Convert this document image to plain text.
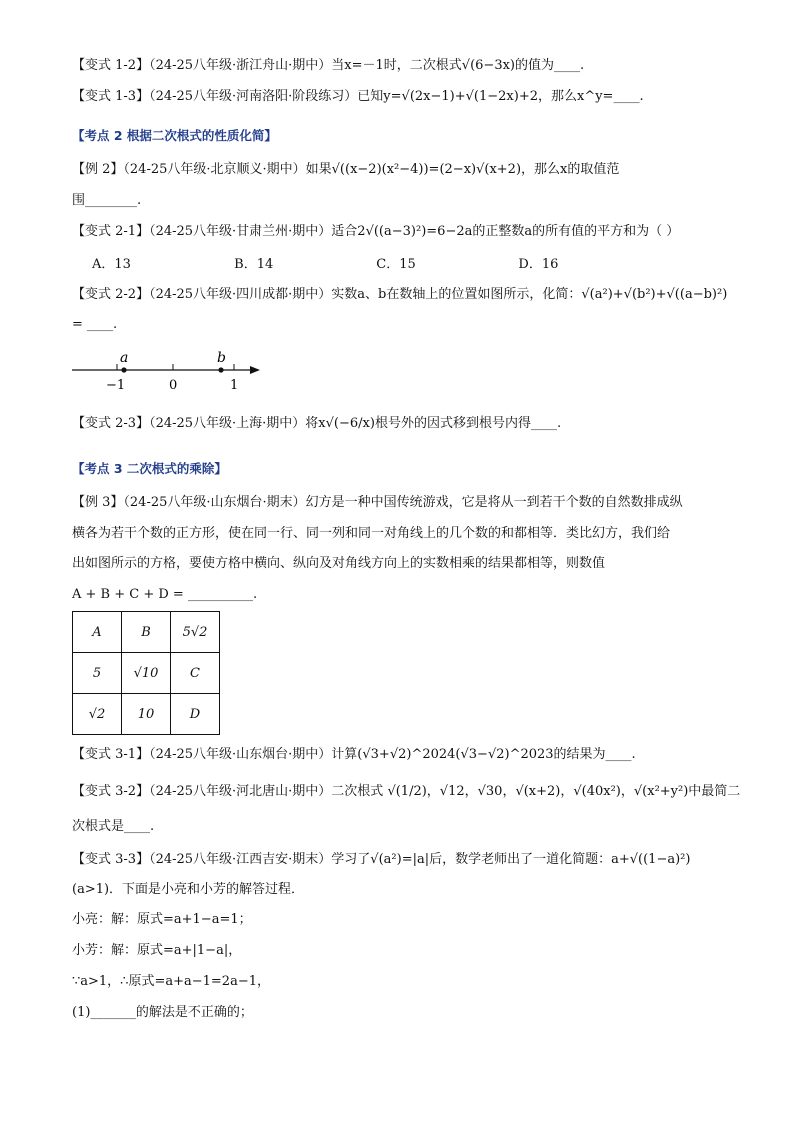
【变式 1-2】（24-25八年级·浙江舟山·期中）当x=－1时，二次根式√(6−3x)的值为____.
【变式 1-3】（24-25八年级·河南洛阳·阶段练习）已知y=√(2x−1)+√(1−2x)+2，那么x^y=____.
【考点 2 根据二次根式的性质化简】
【例 2】（24-25八年级·北京顺义·期中）如果√((x−2)(x²−4))=(2−x)√(x+2)，那么x的取值范
围________.
【变式 2-1】（24-25八年级·甘肃兰州·期中）适合2√((a−3)²)=6−2a的正整数a的所有值的平方和为（ ）
A．13	B．14	C．15	D．16
【变式 2-2】（24-25八年级·四川成都·期中）实数a、b在数轴上的位置如图所示，化简：√(a²)+√(b²)+√((a−b)²)
= ____.
a	b
−1	0	1
【变式 2-3】（24-25八年级·上海·期中）将x√(−6/x)根号外的因式移到根号内得____.
【考点 3 二次根式的乘除】
【例 3】（24-25八年级·山东烟台·期末）幻方是一种中国传统游戏，它是将从一到若干个数的自然数排成纵
横各为若干个数的正方形，使在同一行、同一列和同一对角线上的几个数的和都相等．类比幻方，我们给
出如图所示的方格，要使方格中横向、纵向及对角线方向上的实数相乘的结果都相等，则数值
A + B + C + D = __________.
A	B	5√2
5	√10	C
√2	10	D
【变式 3-1】（24-25八年级·山东烟台·期中）计算(√3+√2)^2024(√3−√2)^2023的结果为____.
【变式 3-2】（24-25八年级·河北唐山·期中）二次根式 √(1/2)，√12，√30，√(x+2)，√(40x²)，√(x²+y²)中最简二
次根式是____.
【变式 3-3】（24-25八年级·江西吉安·期末）学习了√(a²)=|a|后，数学老师出了一道化简题：a+√((1−a)²)
(a>1)．下面是小亮和小芳的解答过程．
小亮：解：原式=a+1−a=1；
小芳：解：原式=a+|1−a|，
∵a>1，∴原式=a+a−1=2a−1，
(1)_______的解法是不正确的；
